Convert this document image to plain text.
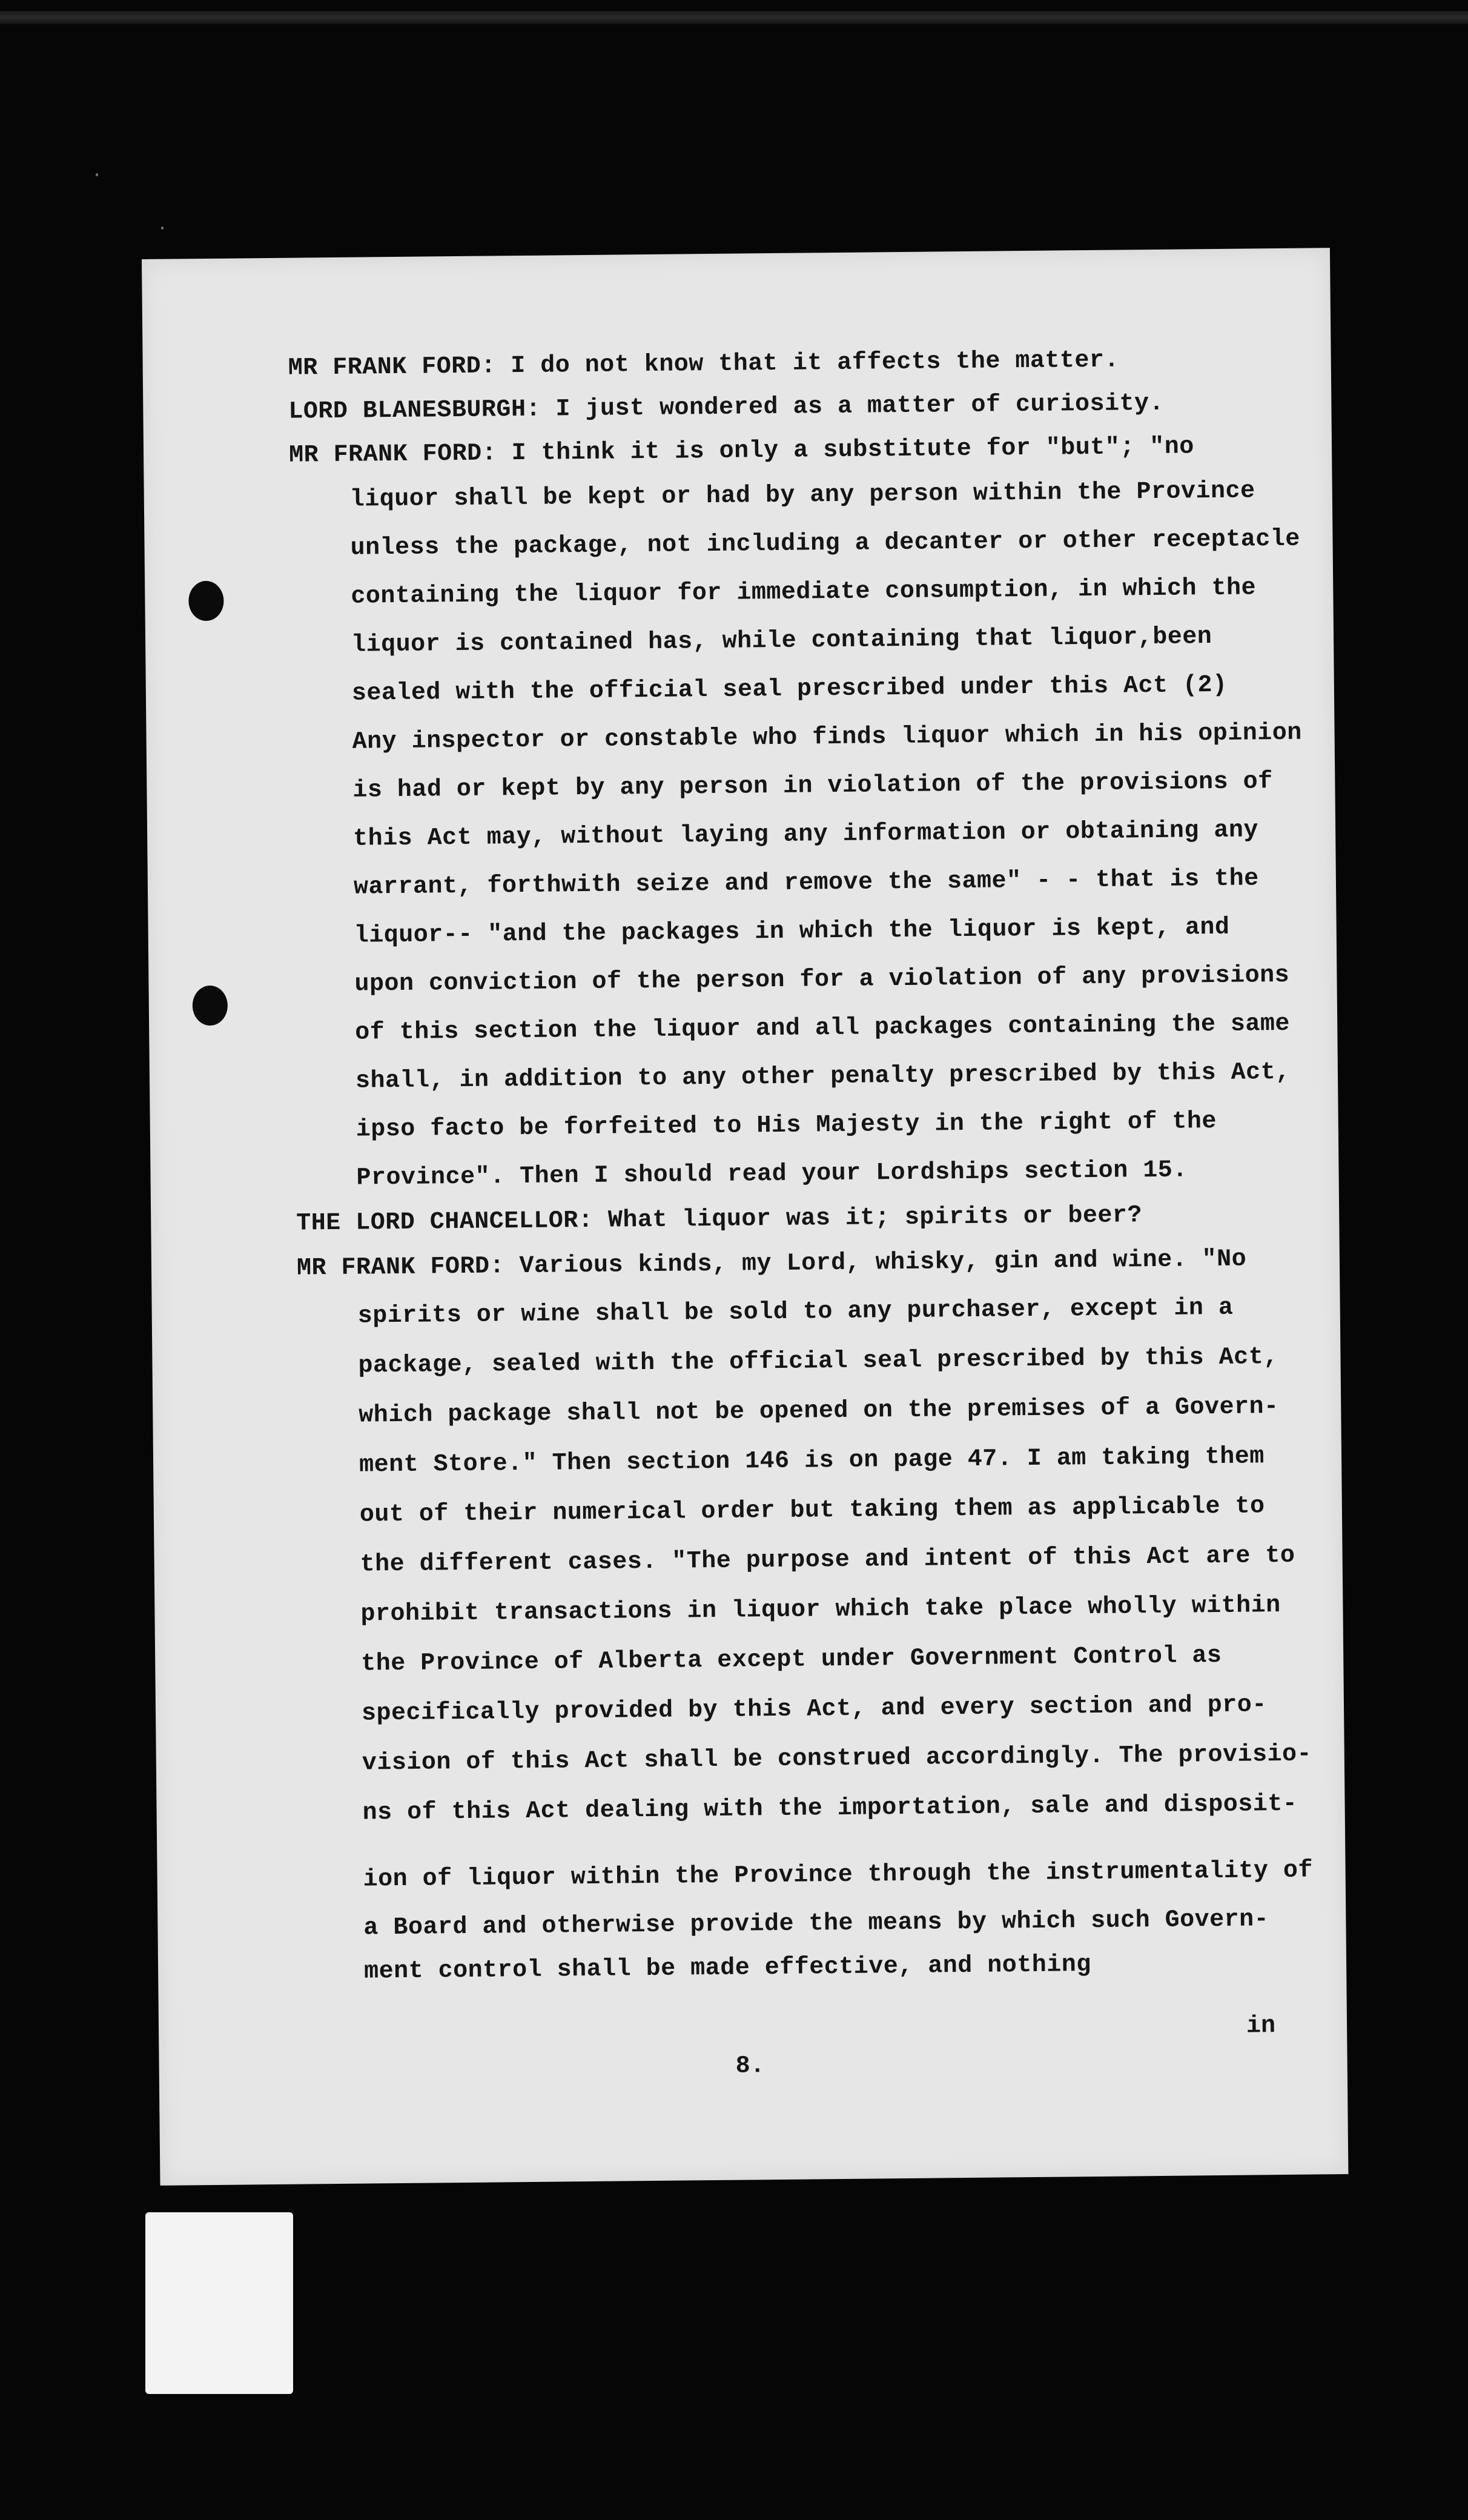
MR FRANK FORD: I do not know that it affects the matter.
LORD BLANESBURGH: I just wondered as a matter of curiosity.
MR FRANK FORD: I think it is only a substitute for "but"; "no
liquor shall be kept or had by any person within the Province
unless the package, not including a decanter or other receptacle
containing the liquor for immediate consumption, in which the
liquor is contained has, while containing that liquor,been
sealed with the official seal prescribed under this Act (2)
Any inspector or constable who finds liquor which in his opinion
is had or kept by any person in violation of the provisions of
this Act may, without laying any information or obtaining any
warrant, forthwith seize and remove the same" - - that is the
liquor-- "and the packages in which the liquor is kept, and
upon conviction of the person for a violation of any provisions
of this section the liquor and all packages containing the same
shall, in addition to any other penalty prescribed by this Act,
ipso facto be forfeited to His Majesty in the right of the
Province". Then I should read your Lordships section 15.
THE LORD CHANCELLOR: What liquor was it; spirits or beer?
MR FRANK FORD: Various kinds, my Lord, whisky, gin and wine. "No
spirits or wine shall be sold to any purchaser, except in a
package, sealed with the official seal prescribed by this Act,
which package shall not be opened on the premises of a Govern-
ment Store." Then section 146 is on page 47. I am taking them
out of their numerical order but taking them as applicable to
the different cases. "The purpose and intent of this Act are to
prohibit transactions in liquor which take place wholly within
the Province of Alberta except under Government Control as
specifically provided by this Act, and every section and pro-
vision of this Act shall be construed accordingly. The provisio-
ns of this Act dealing with the importation, sale and disposit-
ion of liquor within the Province through the instrumentality of
a Board and otherwise provide the means by which such Govern-
ment control shall be made effective, and nothing
in
8.
